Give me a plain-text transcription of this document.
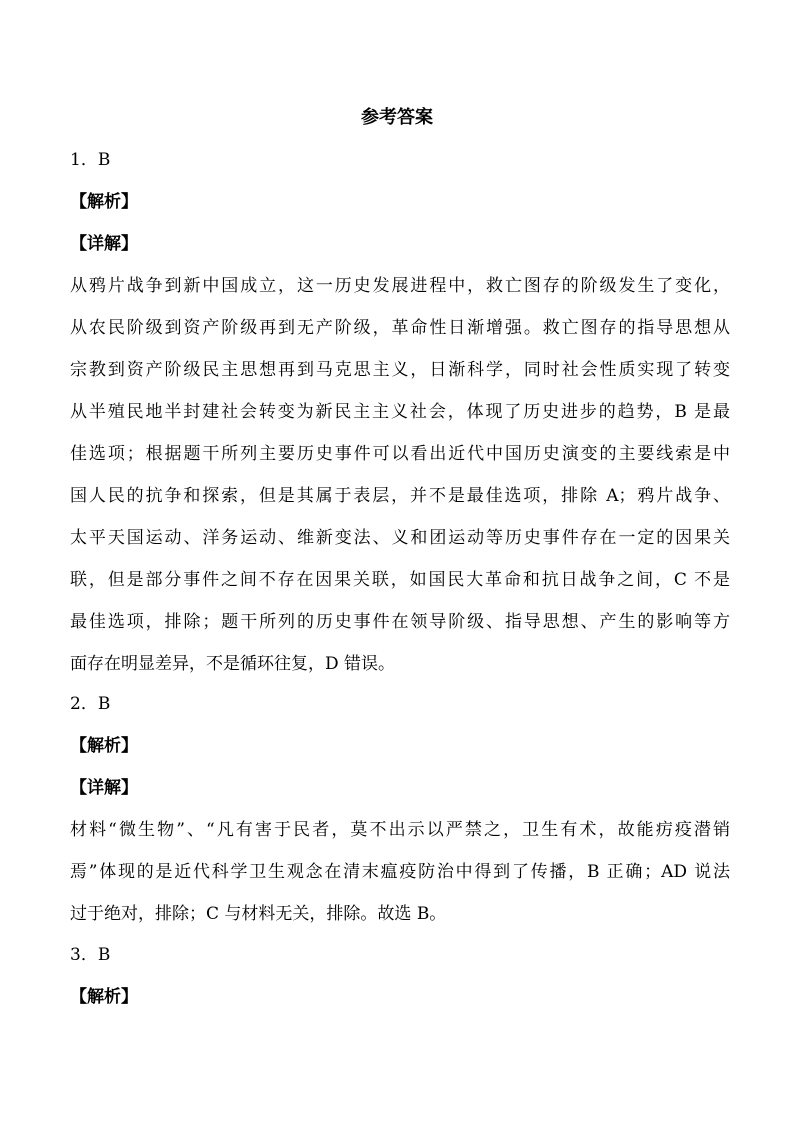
参考答案
1．B
【解析】
【详解】
从鸦片战争到新中国成立，这一历史发展进程中，救亡图存的阶级发生了变化，
从农民阶级到资产阶级再到无产阶级，革命性日渐增强。救亡图存的指导思想从
宗教到资产阶级民主思想再到马克思主义，日渐科学，同时社会性质实现了转变
从半殖民地半封建社会转变为新民主主义社会，体现了历史进步的趋势，B 是最
佳选项；根据题干所列主要历史事件可以看出近代中国历史演变的主要线索是中
国人民的抗争和探索，但是其属于表层，并不是最佳选项，排除 A；鸦片战争、
太平天国运动、洋务运动、维新变法、义和团运动等历史事件存在一定的因果关
联，但是部分事件之间不存在因果关联，如国民大革命和抗日战争之间，C 不是
最佳选项，排除；题干所列的历史事件在领导阶级、指导思想、产生的影响等方
面存在明显差异，不是循环往复，D 错误。
2．B
【解析】
【详解】
材料“微生物”、“凡有害于民者，莫不出示以严禁之，卫生有术，故能疠疫潜销
焉”体现的是近代科学卫生观念在清末瘟疫防治中得到了传播，B 正确；AD 说法
过于绝对，排除；C 与材料无关，排除。故选 B。
3．B
【解析】
